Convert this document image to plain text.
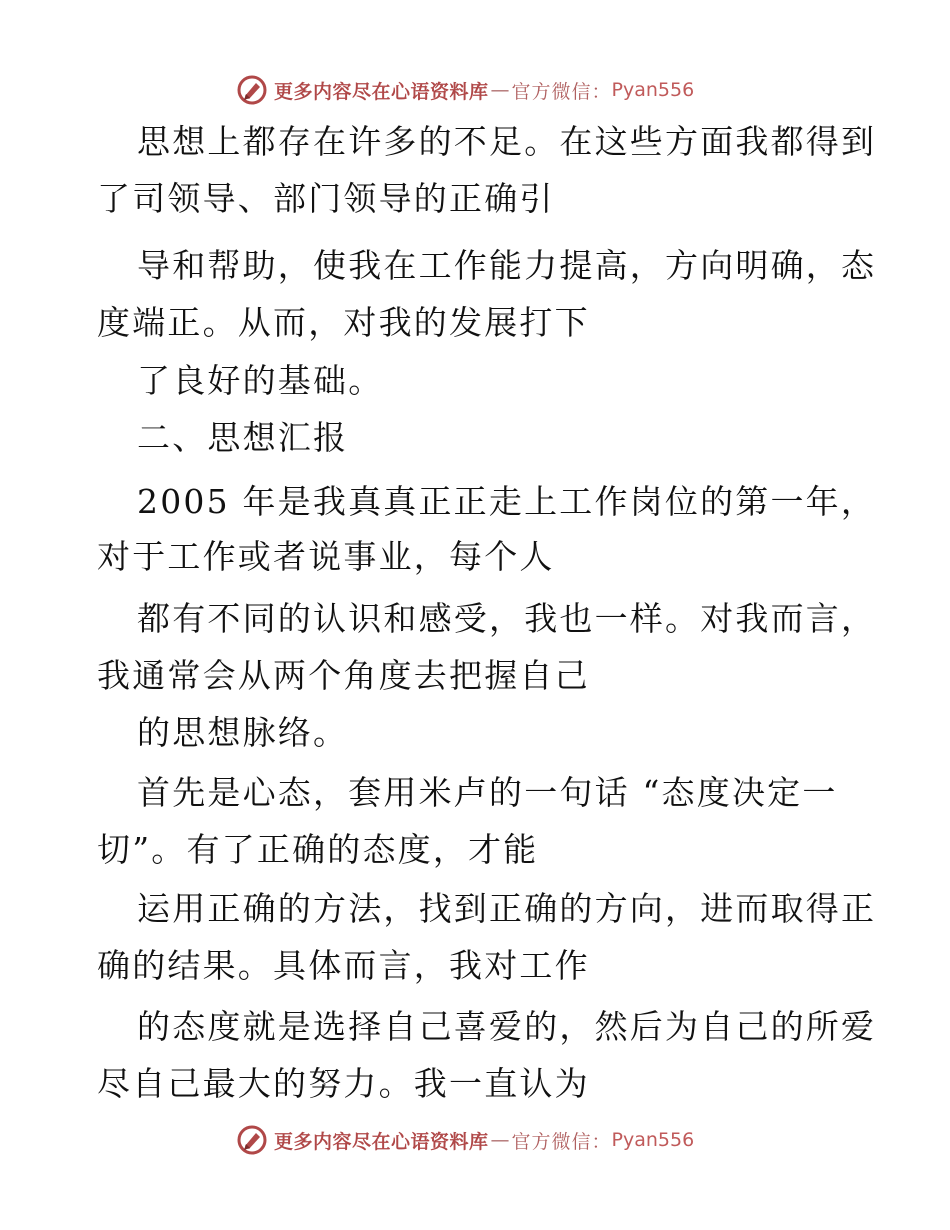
更多内容尽在心语资料库 — 官方微信： Pyan556
思想上都存在许多的不足。在这些方面我都得到
了司领导、部门领导的正确引
导和帮助，使我在工作能力提高，方向明确，态
度端正。从而，对我的发展打下
了良好的基础。
二、思想汇报
2005 年是我真真正正走上工作岗位的第一年，
对于工作或者说事业，每个人
都有不同的认识和感受，我也一样。对我而言，
我通常会从两个角度去把握自己
的思想脉络。
首先是心态，套用米卢的一句话 “态度决定一
切”。有了正确的态度，才能
运用正确的方法，找到正确的方向，进而取得正
确的结果。具体而言，我对工作
的态度就是选择自己喜爱的，然后为自己的所爱
尽自己最大的努力。我一直认为
更多内容尽在心语资料库 — 官方微信： Pyan556
